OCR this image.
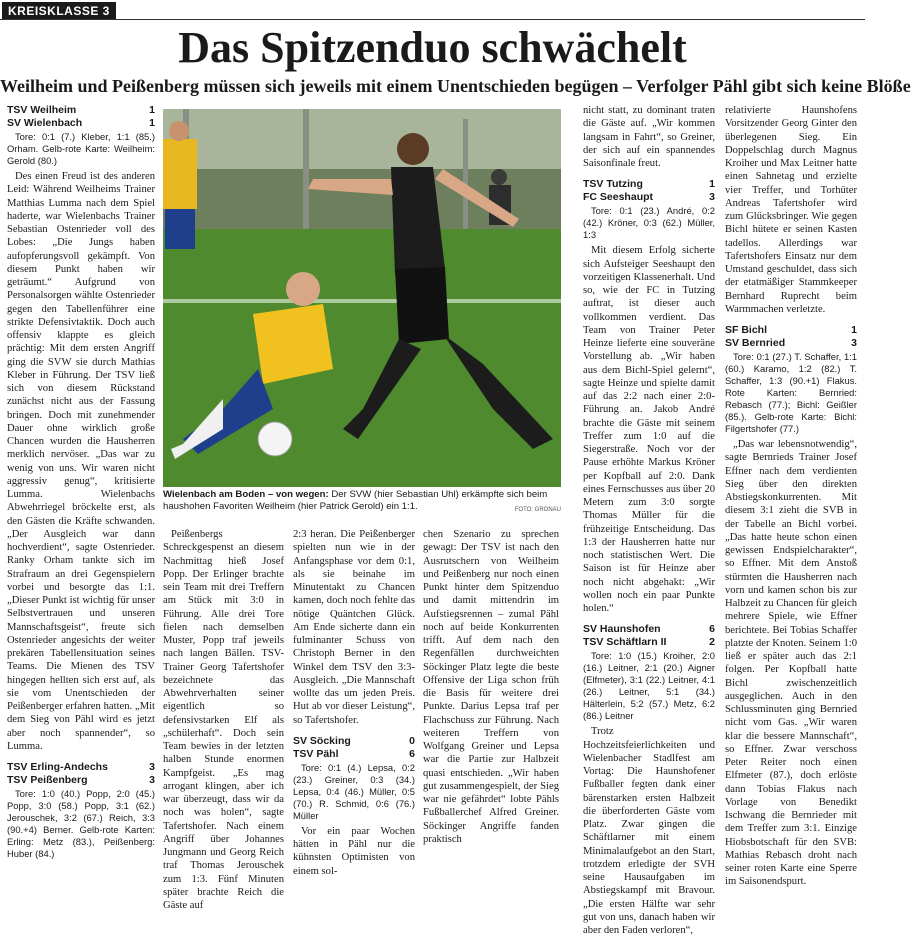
KREISKLASSE 3
Das Spitzenduo schwächelt
Weilheim und Peißenberg müssen sich jeweils mit einem Unentschieden begügen – Verfolger Pähl gibt sich keine Blöße
TSV Weilheim	1
SV Wielenbach	1
Tore: 0:1 (7.) Kleber, 1:1 (85.) Orham. Gelb-rote Karte: Weilheim: Gerold (80.)

Des einen Freud ist des anderen Leid: Während Weilheims Trainer Matthias Lumma nach dem Spiel haderte, war Wielenbachs Trainer Sebastian Ostenrieder voll des Lobes: „Die Jungs haben aufopferungsvoll gekämpft. Von diesem Punkt haben wir geträumt.“ Aufgrund von Personalsorgen wählte Ostenrieder gegen den Tabellenführer eine strikte Defensivtaktik. Doch auch offensiv klappte es gleich prächtig: Mit dem ersten Angriff ging die SVW sie durch Mathias Kleber in Führung. Der TSV ließ sich von diesem Rückstand zunächst nicht aus der Fassung bringen. Doch mit zunehmender Dauer ohne wirklich große Chancen wurden die Hausherren merklich nervöser. „Das war zu wenig von uns. Wir waren nicht aggressiv genug“, kritisierte Lumma. Wielenbachs Abwehrriegel bröckelte erst, als den Gästen die Kräfte schwanden. „Der Ausgleich war dann hochverdient“, sagte Ostenrieder. Ranky Orham tankte sich im Strafraum an drei Gegenspielern vorbei und besorgte das 1:1. „Dieser Punkt ist wichtig für unser Selbstvertrauen und unseren Mannschaftsgeist“, freute sich Ostenrieder angesichts der weiter prekären Tabellensituation seines Teams. Die Mienen des TSV hingegen hellten sich erst auf, als sie vom Unentschieden der Peißenberger erfahren hatten. „Mit dem Sieg von Pähl wird es jetzt aber noch spannender“, so Lumma.

TSV Erling-Andechs	3
TSV Peißenberg	3
Tore: 1:0 (40.) Popp, 2:0 (45.) Popp, 3:0 (58.) Popp, 3:1 (62.) Jerouschek, 3:2 (67.) Reich, 3:3 (90.+4) Berner. Gelb-rote Karten: Erling: Metz (83.), Peißenberg: Huber (84.)
Wielenbach am Boden – von wegen: Der SVW (hier Sebastian Uhl) erkämpfte sich beim haushohen Favoriten Weilheim (hier Patrick Gerold) ein 1:1.	FOTO: GRONAU

Peißenbergs Schreckgespenst an diesem Nachmittag hieß Josef Popp. Der Erlinger brachte sein Team mit drei Treffern am Stück mit 3:0 in Führung. Alle drei Tore fielen nach demselben Muster, Popp traf jeweils nach langen Bällen. TSV-Trainer Georg Tafertshofer bezeichnete das Abwehrverhalten seiner eigentlich so defensivstarken Elf als „schülerhaft“. Doch sein Team bewies in der letzten halben Stunde enormen Kampfgeist. „Es mag arrogant klingen, aber ich war überzeugt, dass wir da noch was holen“, sagte Tafertshofer. Nach einem Angriff über Johannes Jungmann und Georg Reich traf Thomas Jerouschek zum 1:3. Fünf Minuten später brachte Reich die Gäste auf

2:3 heran. Die Peißenberger spielten nun wie in der Anfangsphase vor dem 0:1, als sie beinahe im Minutentakt zu Chancen kamen, doch noch fehlte das nötige Quäntchen Glück. Am Ende sicherte dann ein fulminanter Schuss von Christoph Berner in den Winkel dem TSV den 3:3-Ausgleich. „Die Mannschaft wollte das um jeden Preis. Hut ab vor dieser Leistung“, so Tafertshofer.

SV Söcking	0
TSV Pähl	6
Tore: 0:1 (4.) Lepsa, 0:2 (23.) Greiner, 0:3 (34.) Lepsa, 0:4 (46.) Müller, 0:5 (70.) R. Schmid, 0:6 (76.) Müller

Vor ein paar Wochen hätten in Pähl nur die kühnsten Optimisten von einem sol-

chen Szenario zu sprechen gewagt: Der TSV ist nach den Ausrutschern von Weilheim und Peißenberg nur noch einen Punkt hinter dem Spitzenduo und damit mittendrin im Aufstiegsrennen – zumal Pähl noch auf beide Konkurrenten trifft. Auf dem nach den Regenfällen durchweichten Söckinger Platz legte die beste Offensive der Liga schon früh die Basis für weitere drei Punkte. Darius Lepsa traf per Flachschuss zur Führung. Nach weiteren Treffern von Wolfgang Greiner und Lepsa war die Partie zur Halbzeit quasi entschieden. „Wir haben gut zusammengespielt, der Sieg war nie gefährdet“ lobte Pähls Fußballerchef Alfred Greiner. Söckinger Angriffe fanden praktisch

nicht statt, zu dominant traten die Gäste auf. „Wir kommen langsam in Fahrt“, so Greiner, der sich auf ein spannendes Saisonfinale freut.

TSV Tutzing	1
FC Seeshaupt	3
Tore: 0:1 (23.) André, 0:2 (42.) Kröner, 0:3 (62.) Müller, 1:3

Mit diesem Erfolg sicherte sich Aufsteiger Seeshaupt den vorzeitigen Klassenerhalt. Und so, wie der FC in Tutzing auftrat, ist dieser auch vollkommen verdient. Das Team von Trainer Peter Heinze lieferte eine souveräne Vorstellung ab. „Wir haben aus dem Bichl-Spiel gelernt“, sagte Heinze und spielte damit auf das 2:2 nach einer 2:0-Führung an. Jakob André brachte die Gäste mit seinem Treffer zum 1:0 auf die Siegerstraße. Noch vor der Pause erhöhte Markus Kröner per Kopfball auf 2:0. Dank eines Fernschusses aus über 20 Metern zum 3:0 sorgte Thomas Müller für die frühzeitige Entscheidung. Das 1:3 der Hausherren hatte nur noch statistischen Wert. Die Saison ist für Heinze aber noch nicht abgehakt: „Wir wollen noch ein paar Punkte holen.“

SV Haunshofen	6
TSV Schäftlarn II	2
Tore: 1:0 (15.) Kroiher, 2:0 (16.) Leitner, 2:1 (20.) Aigner (Elfmeter), 3:1 (22.) Leitner, 4:1 (26.) Leitner, 5:1 (34.) Hälterlein, 5:2 (57.) Metz, 6:2 (86.) Leitner

Trotz Hochzeitsfeierlichkeiten und Wielenbacher Stadlfest am Vortag: Die Haunshofener Fußballer fegten dank einer bärenstarken ersten Halbzeit die überforderten Gäste vom Platz. Zwar gingen die Schäftlarner mit einem Minimalaufgebot an den Start, trotzdem erledigte der SVH seine Hausaufgaben im Abstiegskampf mit Bravour. „Die ersten Hälfte war sehr gut von uns, danach haben wir aber den Faden verloren“,

relativierte Haunshofens Vorsitzender Georg Ginter den überlegenen Sieg. Ein Doppelschlag durch Magnus Kroiher und Max Leitner hatte einen Sahnetag und erzielte vier Treffer, und Torhüter Andreas Tafertshofer wird zum Glücksbringer. Wie gegen Bichl hütete er seinen Kasten tadellos. Allerdings war Tafertshofers Einsatz nur dem Umstand geschuldet, dass sich der etatmäßiger Stammkeeper Bernhard Ruprecht beim Warmmachen verletzte.

SF Bichl	1
SV Bernried	3
Tore: 0:1 (27.) T. Schaffer, 1:1 (60.) Karamo, 1:2 (82.) T. Schaffer, 1:3 (90.+1) Flakus. Rote Karten: Bernried: Rebasch (77.); Bichl: Geißler (85.). Gelb-rote Karte: Bichl: Filgertshofer (77.)

„Das war lebensnotwendig“, sagte Bernrieds Trainer Josef Effner nach dem verdienten Sieg über den direkten Abstiegskonkurrenten. Mit diesem 3:1 zieht die SVB in der Tabelle an Bichl vorbei. „Das hatte heute schon einen gewissen Endspielcharakter“, so Effner. Mit dem Anstoß stürmten die Hausherren nach vorn und kamen schon bis zur Halbzeit zu Chancen für gleich mehrere Spiele, wie Effner berichtete. Bei Tobias Schaffer platzte der Knoten. Seinem 1:0 ließ er später auch das 2:1 folgen. Per Kopfball hatte Bichl zwischenzeitlich ausgeglichen. Auch in den Schlussminuten ging Bernried nicht vom Gas. „Wir waren klar die bessere Mannschaft“, so Effner. Zwar verschoss Peter Reiter noch einen Elfmeter (87.), doch erlöste dann Tobias Flakus nach Vorlage von Benedikt Ischwang die Bernrieder mit dem Treffer zum 3:1. Einzige Hiobsbotschaft für den SVB: Mathias Rebasch droht nach seiner roten Karte eine Sperre im Saisonendspurt.
